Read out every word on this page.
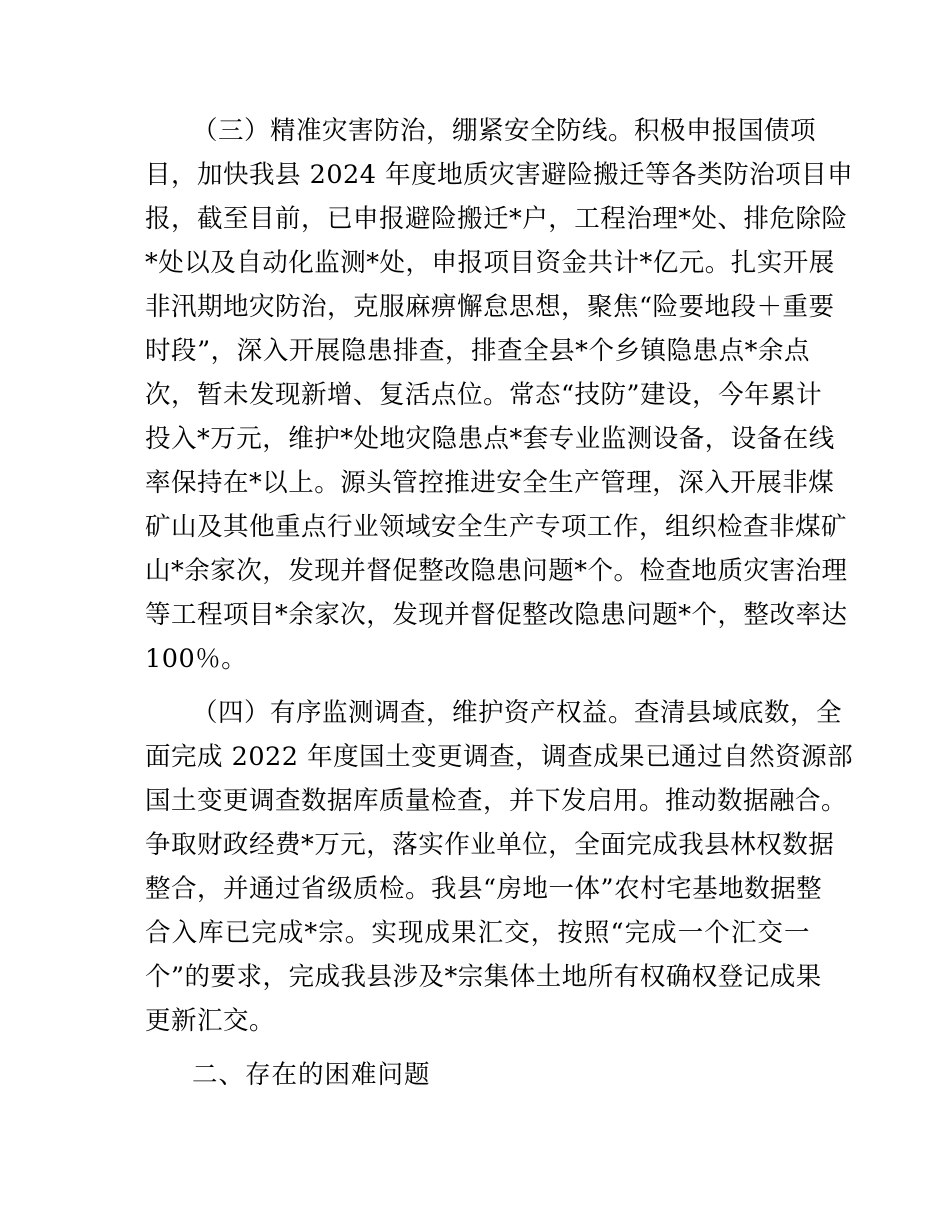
（三）精准灾害防治，绷紧安全防线。积极申报国债项
目，加快我县 2024 年度地质灾害避险搬迁等各类防治项目申
报，截至目前，已申报避险搬迁*户，工程治理*处、排危除险
*处以及自动化监测*处，申报项目资金共计*亿元。扎实开展
非汛期地灾防治，克服麻痹懈怠思想，聚焦“险要地段＋重要
时段”，深入开展隐患排查，排查全县*个乡镇隐患点*余点
次，暂未发现新增、复活点位。常态“技防”建设，今年累计
投入*万元，维护*处地灾隐患点*套专业监测设备，设备在线
率保持在*以上。源头管控推进安全生产管理，深入开展非煤
矿山及其他重点行业领域安全生产专项工作，组织检查非煤矿
山*余家次，发现并督促整改隐患问题*个。检查地质灾害治理
等工程项目*余家次，发现并督促整改隐患问题*个，整改率达
100％。
（四）有序监测调查，维护资产权益。查清县域底数，全
面完成 2022 年度国土变更调查，调查成果已通过自然资源部
国土变更调查数据库质量检查，并下发启用。推动数据融合。
争取财政经费*万元，落实作业单位，全面完成我县林权数据
整合，并通过省级质检。我县“房地一体”农村宅基地数据整
合入库已完成*宗。实现成果汇交，按照“完成一个汇交一
个”的要求，完成我县涉及*宗集体土地所有权确权登记成果
更新汇交。
二、存在的困难问题
